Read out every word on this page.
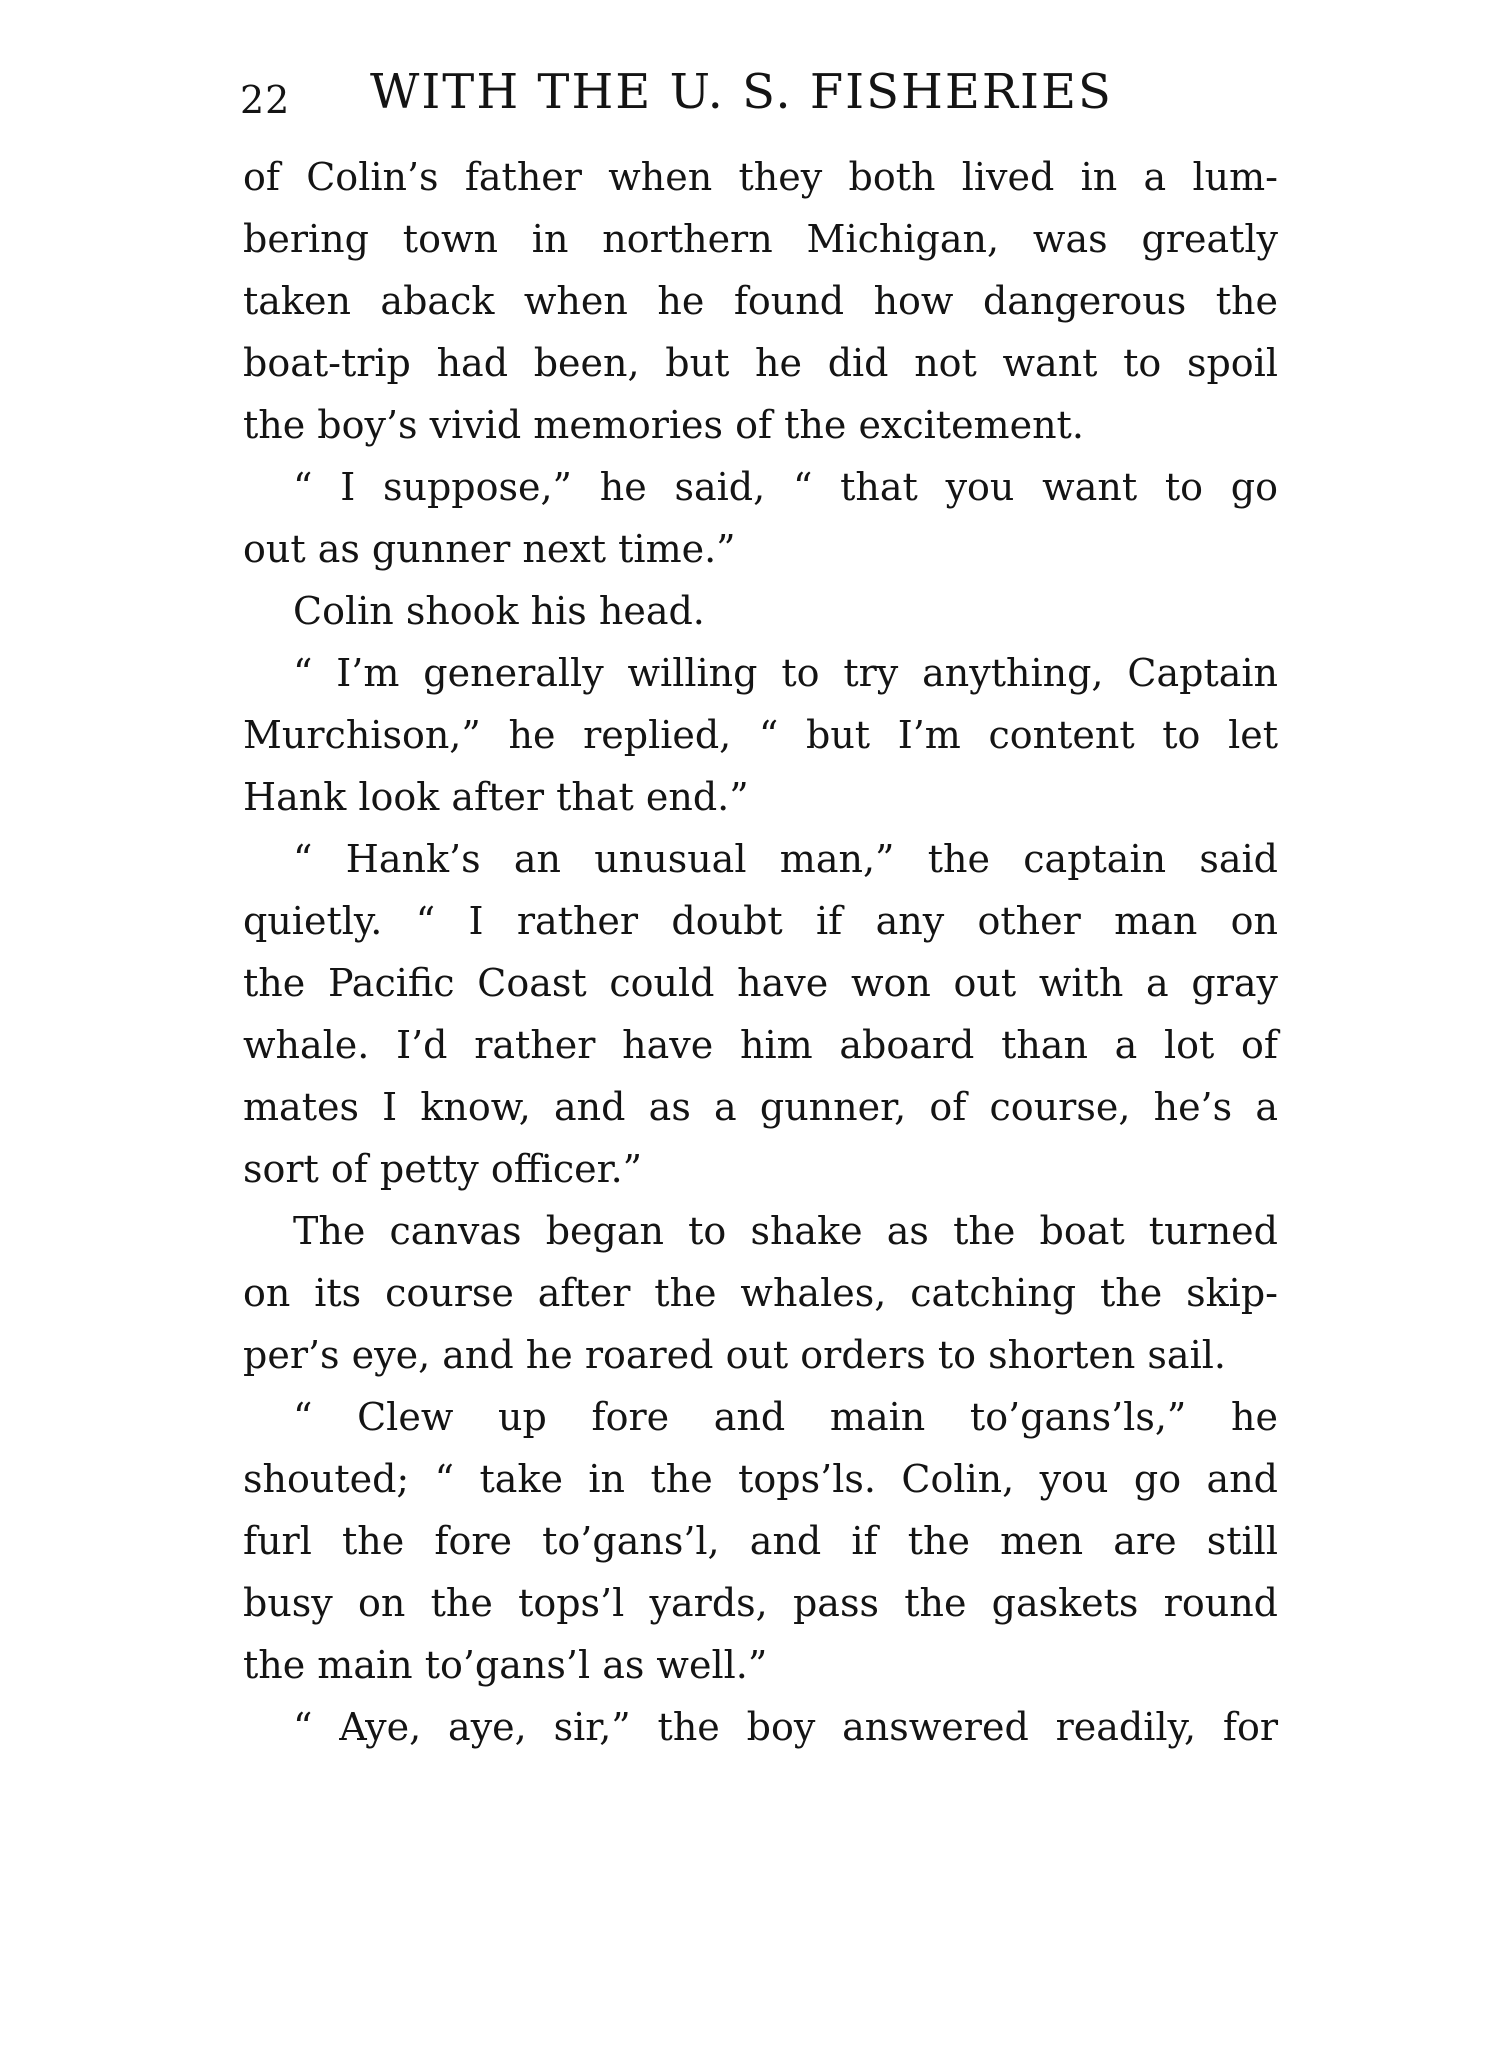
22 WITH THE U. S. FISHERIES
of Colin’s father when they both lived in a lum-
bering town in northern Michigan, was greatly
taken aback when he found how dangerous the
boat-trip had been, but he did not want to spoil
the boy’s vivid memories of the excitement.
“ I suppose,” he said, “ that you want to go
out as gunner next time.”
Colin shook his head.
“ I’m generally willing to try anything, Captain
Murchison,” he replied, “ but I’m content to let
Hank look after that end.”
“ Hank’s an unusual man,” the captain said
quietly. “ I rather doubt if any other man on
the Pacific Coast could have won out with a gray
whale. I’d rather have him aboard than a lot of
mates I know, and as a gunner, of course, he’s a
sort of petty officer.”
The canvas began to shake as the boat turned
on its course after the whales, catching the skip-
per’s eye, and he roared out orders to shorten sail.
“ Clew up fore and main to’gans’ls,” he
shouted; “ take in the tops’ls. Colin, you go and
furl the fore to’gans’l, and if the men are still
busy on the tops’l yards, pass the gaskets round
the main to’gans’l as well.”
“ Aye, aye, sir,” the boy answered readily, for
